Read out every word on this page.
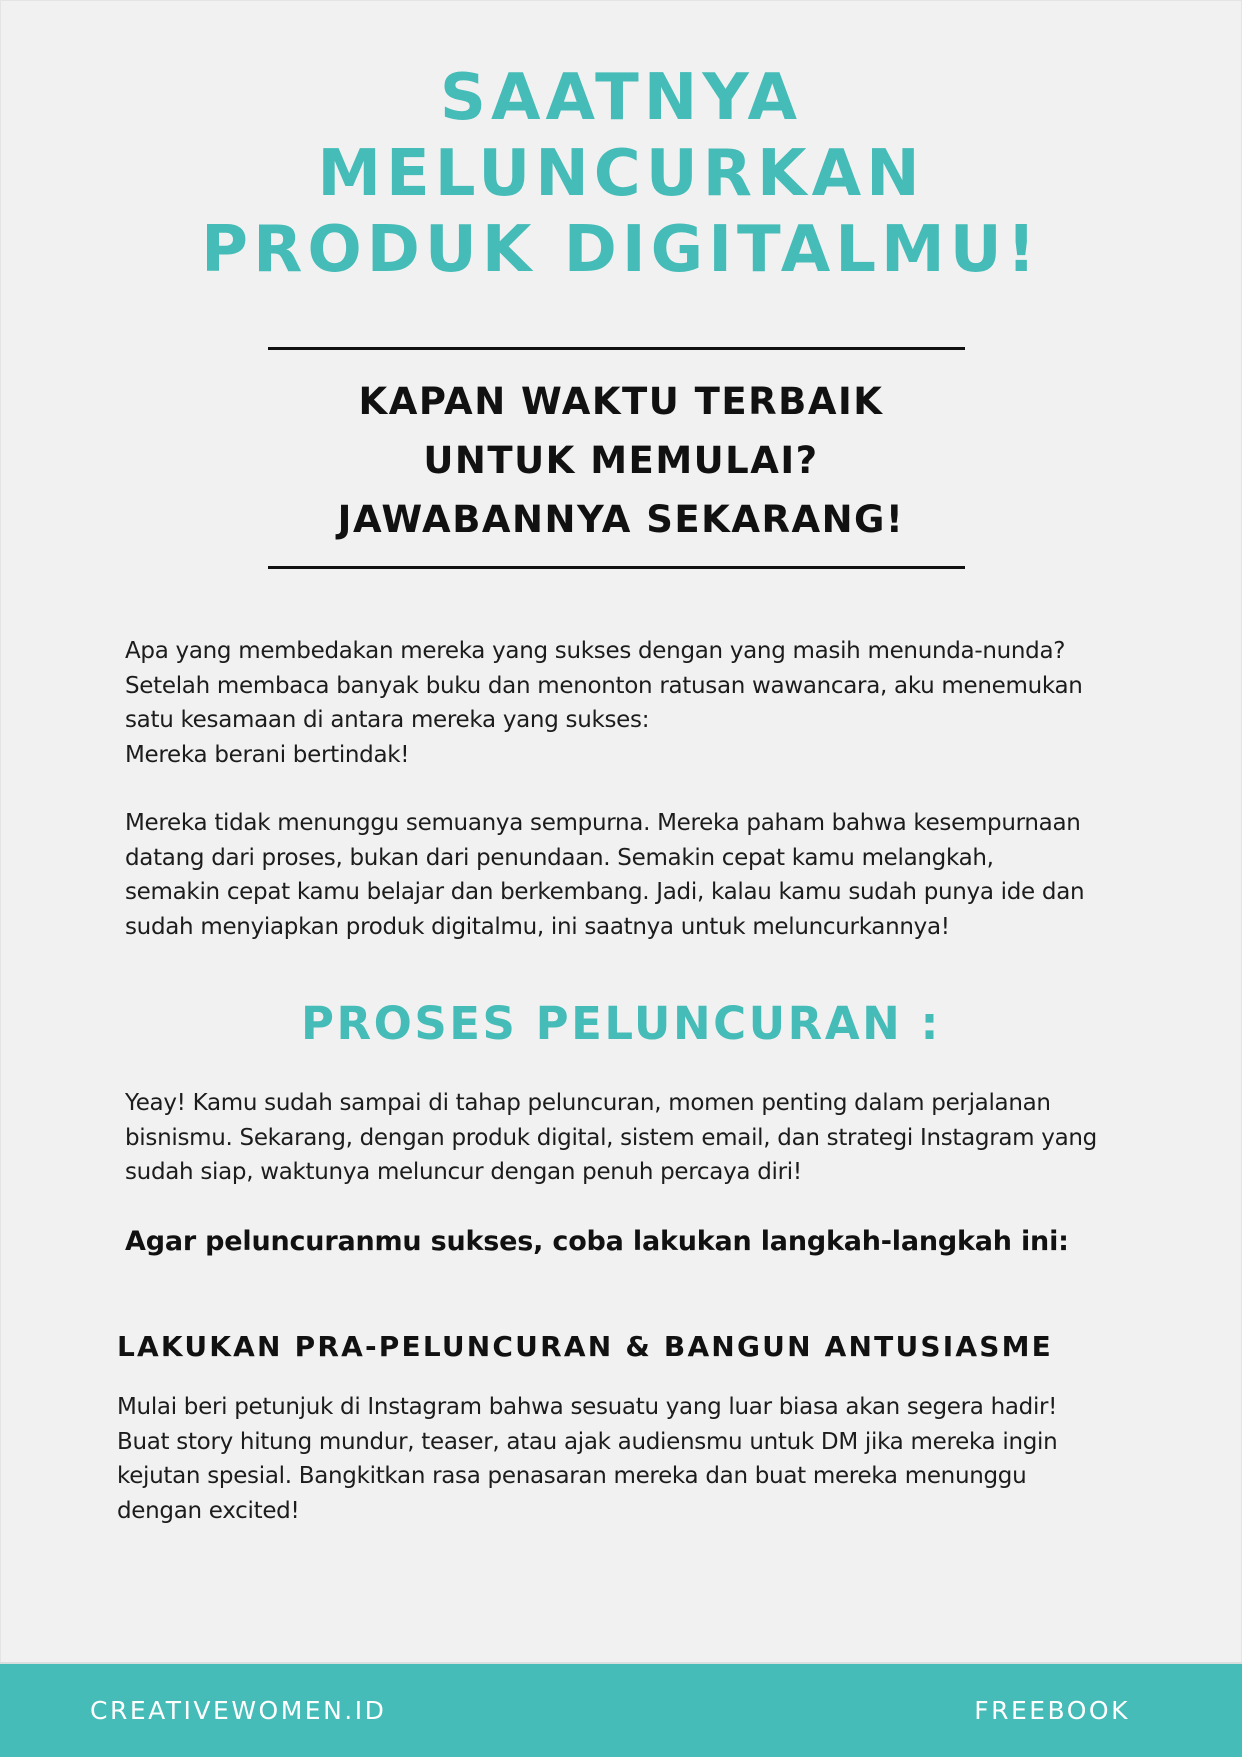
SAATNYA
MELUNCURKAN
PRODUK DIGITALMU!
KAPAN WAKTU TERBAIK
UNTUK MEMULAI?
JAWABANNYA SEKARANG!

Apa yang membedakan mereka yang sukses dengan yang masih menunda-nunda?
Setelah membaca banyak buku dan menonton ratusan wawancara, aku menemukan
satu kesamaan di antara mereka yang sukses:
Mereka berani bertindak!

Mereka tidak menunggu semuanya sempurna. Mereka paham bahwa kesempurnaan
datang dari proses, bukan dari penundaan. Semakin cepat kamu melangkah,
semakin cepat kamu belajar dan berkembang. Jadi, kalau kamu sudah punya ide dan
sudah menyiapkan produk digitalmu, ini saatnya untuk meluncurkannya!

PROSES PELUNCURAN :

Yeay! Kamu sudah sampai di tahap peluncuran, momen penting dalam perjalanan
bisnismu. Sekarang, dengan produk digital, sistem email, dan strategi Instagram yang
sudah siap, waktunya meluncur dengan penuh percaya diri!

Agar peluncuranmu sukses, coba lakukan langkah-langkah ini:

LAKUKAN PRA-PELUNCURAN & BANGUN ANTUSIASME

Mulai beri petunjuk di Instagram bahwa sesuatu yang luar biasa akan segera hadir!
Buat story hitung mundur, teaser, atau ajak audiensmu untuk DM jika mereka ingin
kejutan spesial. Bangkitkan rasa penasaran mereka dan buat mereka menunggu
dengan excited!

CREATIVEWOMEN.ID	FREEBOOK
